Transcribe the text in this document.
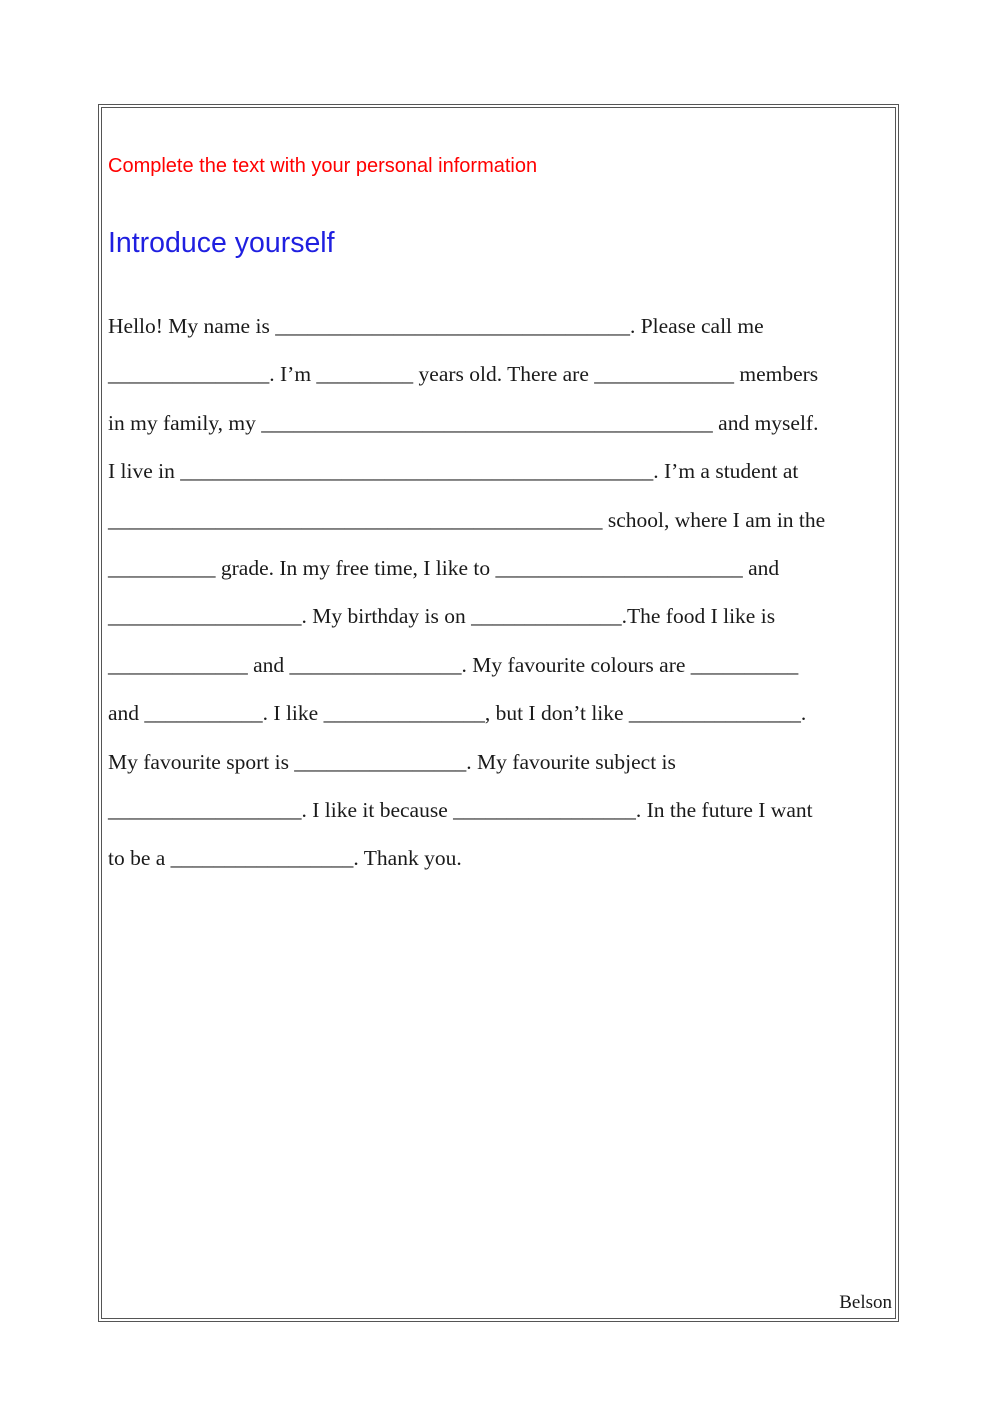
Complete the text with your personal information

Introduce yourself
Hello! My name is _________________________________. Please call me
_______________. I’m _________ years old. There are _____________ members
in my family, my __________________________________________ and myself.
I live in ____________________________________________. I’m a student at
______________________________________________ school, where I am in the
__________ grade. In my free time, I like to _______________________ and
__________________. My birthday is on ______________.The food I like is
_____________ and ________________. My favourite colours are __________
and ___________. I like _______________, but I don’t like ________________.
My favourite sport is ________________. My favourite subject is
__________________. I like it because _________________. In the future I want
to be a _________________. Thank you.
Belson
